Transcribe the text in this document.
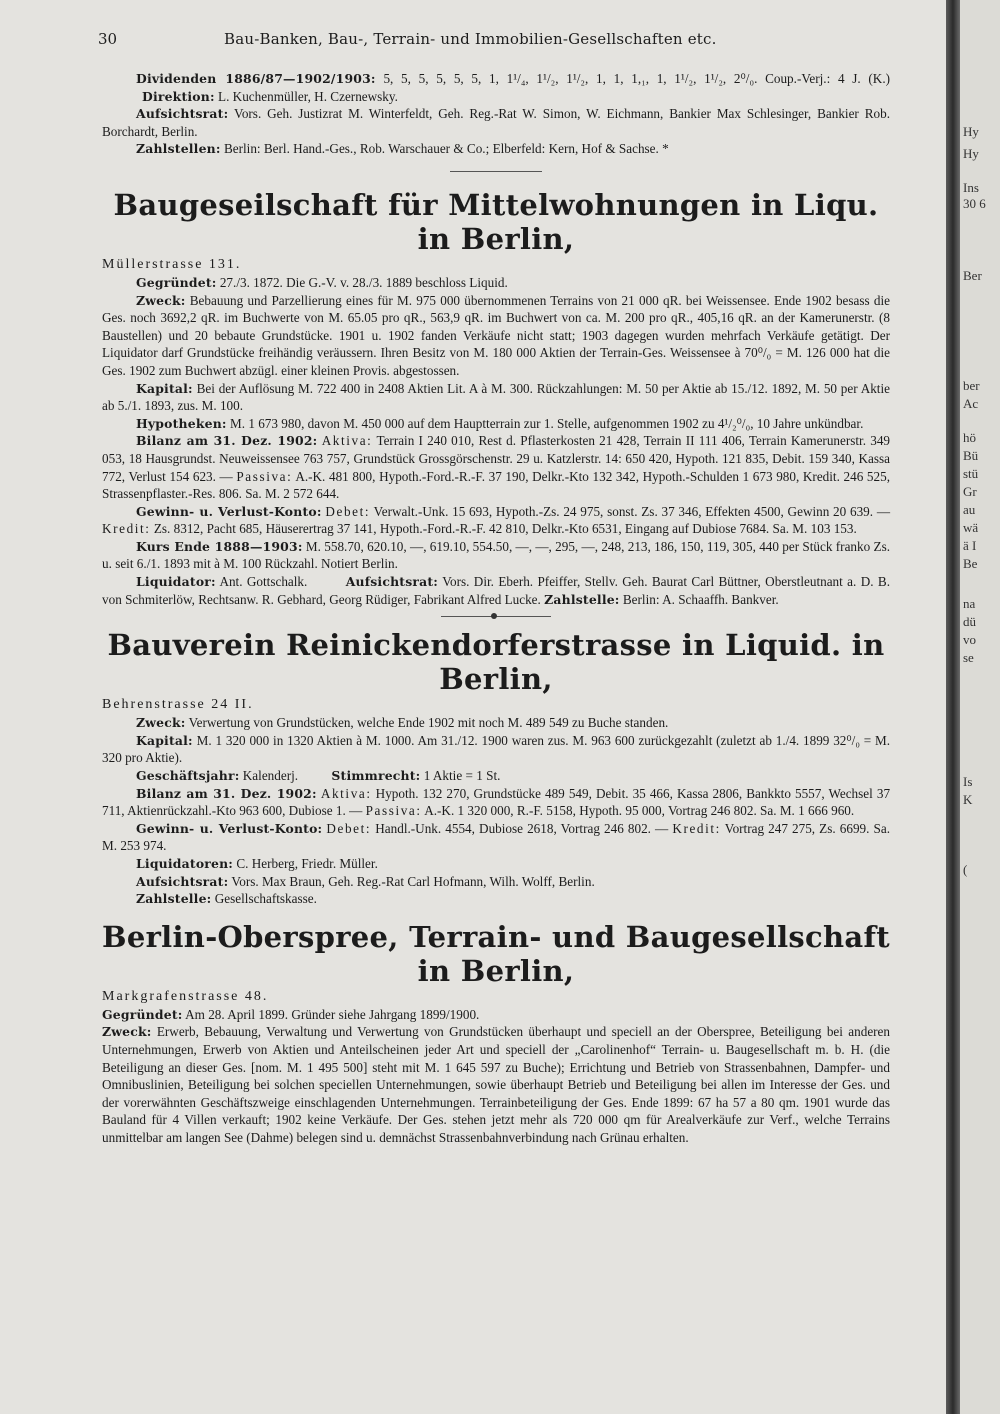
30	Bau-Banken, Bau-, Terrain- und Immobilien-Gesellschaften etc.

Dividenden 1886/87—1902/1903: 5, 5, 5, 5, 5, 5, 1, 1¹/₄, 1¹/₂, 1¹/₂, 1, 1, 1,₁, 1, 1¹/₂, 1¹/₂, 2⁰/₀. Coup.-Verj.: 4 J. (K.) Direktion: L. Kuchenmüller, H. Czernewsky.

Aufsichtsrat: Vors. Geh. Justizrat M. Winterfeldt, Geh. Reg.-Rat W. Simon, W. Eichmann, Bankier Max Schlesinger, Bankier Rob. Borchardt, Berlin.

Zahlstellen: Berlin: Berl. Hand.-Ges., Rob. Warschauer & Co.; Elberfeld: Kern, Hof & Sachse. *

Baugeseilschaft für Mittelwohnungen in Liqu. in Berlin,

Müllerstrasse 131.

Gegründet: 27./3. 1872. Die G.-V. v. 28./3. 1889 beschloss Liquid.

Zweck: Bebauung und Parzellierung eines für M. 975 000 übernommenen Terrains von 21 000 qR. bei Weissensee. Ende 1902 besass die Ges. noch 3692,2 qR. im Buchwerte von M. 65.05 pro qR., 563,9 qR. im Buchwert von ca. M. 200 pro qR., 405,16 qR. an der Kamerunerstr. (8 Baustellen) und 20 bebaute Grundstücke. 1901 u. 1902 fanden Verkäufe nicht statt; 1903 dagegen wurden mehrfach Verkäufe getätigt. Der Liquidator darf Grundstücke freihändig veräussern. Ihren Besitz von M. 180 000 Aktien der Terrain-Ges. Weissensee à 70⁰/₀ = M. 126 000 hat die Ges. 1902 zum Buchwert abzügl. einer kleinen Provis. abgestossen.

Kapital: Bei der Auflösung M. 722 400 in 2408 Aktien Lit. A à M. 300. Rückzahlungen: M. 50 per Aktie ab 15./12. 1892, M. 50 per Aktie ab 5./1. 1893, zus. M. 100.

Hypotheken: M. 1 673 980, davon M. 450 000 auf dem Hauptterrain zur 1. Stelle, aufgenommen 1902 zu 4¹/₂⁰/₀, 10 Jahre unkündbar.

Bilanz am 31. Dez. 1902: Aktiva: Terrain I 240 010, Rest d. Pflasterkosten 21 428, Terrain II 111 406, Terrain Kamerunerstr. 349 053, 18 Hausgrundst. Neuweissensee 763 757, Grundstück Grossgörschenstr. 29 u. Katzlerstr. 14: 650 420, Hypoth. 121 835, Debit. 159 340, Kassa 772, Verlust 154 623. — Passiva: A.-K. 481 800, Hypoth.-Ford.-R.-F. 37 190, Delkr.-Kto 132 342, Hypoth.-Schulden 1 673 980, Kredit. 246 525, Strassenpflaster.-Res. 806. Sa. M. 2 572 644.

Gewinn- u. Verlust-Konto: Debet: Verwalt.-Unk. 15 693, Hypoth.-Zs. 24 975, sonst. Zs. 37 346, Effekten 4500, Gewinn 20 639. — Kredit: Zs. 8312, Pacht 685, Häuserertrag 37 141, Hypoth.-Ford.-R.-F. 42 810, Delkr.-Kto 6531, Eingang auf Dubiose 7684. Sa. M. 103 153.

Kurs Ende 1888—1903: M. 558.70, 620.10, —, 619.10, 554.50, —, —, 295, —, 248, 213, 186, 150, 119, 305, 440 per Stück franko Zs. u. seit 6./1. 1893 mit à M. 100 Rückzahl. Notiert Berlin.

Liquidator: Ant. Gottschalk.	Aufsichtsrat: Vors. Dir. Eberh. Pfeiffer, Stellv. Geh. Baurat Carl Büttner, Oberstleutnant a. D. B. von Schmiterlöw, Rechtsanw. R. Gebhard, Georg Rüdiger, Fabrikant Alfred Lucke. Zahlstelle: Berlin: A. Schaaffh. Bankver.

Bauverein Reinickendorferstrasse in Liquid. in Berlin,

Behrenstrasse 24 II.

Zweck: Verwertung von Grundstücken, welche Ende 1902 mit noch M. 489 549 zu Buche standen.

Kapital: M. 1 320 000 in 1320 Aktien à M. 1000. Am 31./12. 1900 waren zus. M. 963 600 zurückgezahlt (zuletzt ab 1./4. 1899 32⁰/₀ = M. 320 pro Aktie).

Geschäftsjahr: Kalenderj.	Stimmrecht: 1 Aktie = 1 St.

Bilanz am 31. Dez. 1902: Aktiva: Hypoth. 132 270, Grundstücke 489 549, Debit. 35 466, Kassa 2806, Bankkto 5557, Wechsel 37 711, Aktienrückzahl.-Kto 963 600, Dubiose 1. — Passiva: A.-K. 1 320 000, R.-F. 5158, Hypoth. 95 000, Vortrag 246 802. Sa. M. 1 666 960.

Gewinn- u. Verlust-Konto: Debet: Handl.-Unk. 4554, Dubiose 2618, Vortrag 246 802. — Kredit: Vortrag 247 275, Zs. 6699. Sa. M. 253 974.

Liquidatoren: C. Herberg, Friedr. Müller.

Aufsichtsrat: Vors. Max Braun, Geh. Reg.-Rat Carl Hofmann, Wilh. Wolff, Berlin.

Zahlstelle: Gesellschaftskasse.

Berlin-Oberspree, Terrain- und Baugesellschaft in Berlin,

Markgrafenstrasse 48.

Gegründet: Am 28. April 1899. Gründer siehe Jahrgang 1899/1900.

Zweck: Erwerb, Bebauung, Verwaltung und Verwertung von Grundstücken überhaupt und speciell an der Oberspree, Beteiligung bei anderen Unternehmungen, Erwerb von Aktien und Anteilscheinen jeder Art und speciell der „Carolinenhof“ Terrain- u. Baugesellschaft m. b. H. (die Beteiligung an dieser Ges. [nom. M. 1 495 500] steht mit M. 1 645 597 zu Buche); Errichtung und Betrieb von Strassenbahnen, Dampfer- und Omnibuslinien, Beteiligung bei solchen speciellen Unternehmungen, sowie überhaupt Betrieb und Beteiligung bei allen im Interesse der Ges. und der vorerwähnten Geschäftszweige einschlagenden Unternehmungen. Terrainbeteiligung der Ges. Ende 1899: 67 ha 57 a 80 qm. 1901 wurde das Bauland für 4 Villen verkauft; 1902 keine Verkäufe. Der Ges. stehen jetzt mehr als 720 000 qm für Arealverkäufe zur Verf., welche Terrains unmittelbar am langen See (Dahme) belegen sind u. demnächst Strassenbahnverbindung nach Grünau erhalten.

Hy
Hy
Ins
30 6
Ber
ber
Ac
hö
Bü
stü
Gr
au
wä
ä I
Be
na
dü
vo
se
Is
K
(
